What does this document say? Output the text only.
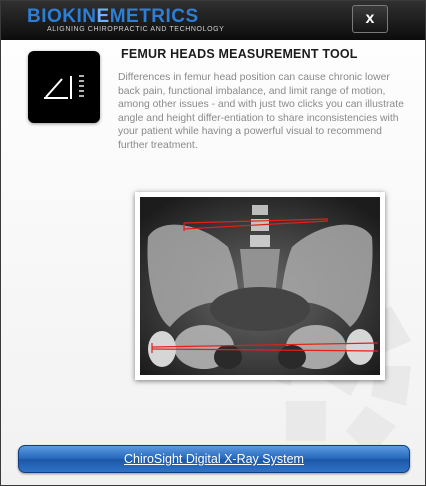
BIOKINEMETRICS
ALIGNING CHIROPRACTIC AND TECHNOLOGY
x
FEMUR HEADS MEASUREMENT TOOL
Differences in femur head position can cause chronic lower back pain, functional imbalance, and limit range of motion, among other issues - and with just two clicks you can illustrate angle and height differ-entiation to share inconsistencies with your patient while having a powerful visual to recommend further treatment.
ChiroSight Digital X-Ray System
